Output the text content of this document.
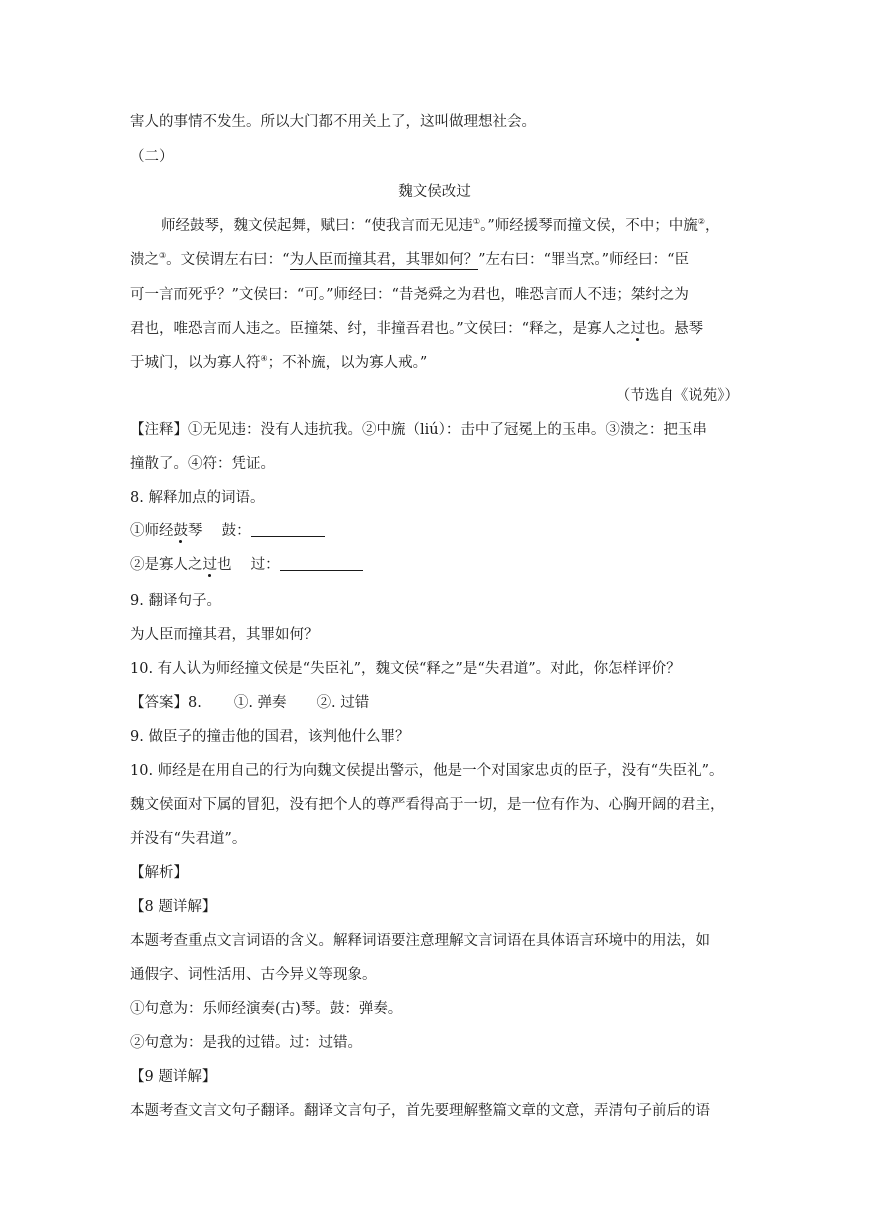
害人的事情不发生。所以大门都不用关上了，这叫做理想社会。
（二）
魏文侯改过
师经鼓琴，魏文侯起舞，赋曰：“使我言而无见违①。”师经援琴而撞文侯，不中；中旒②，
溃之③。文侯谓左右曰：“为人臣而撞其君，其罪如何？”左右曰：“罪当烹。”师经曰：“臣
可一言而死乎？”文侯曰：“可。”师经曰：“昔尧舜之为君也，唯恐言而人不违；桀纣之为
君也，唯恐言而人违之。臣撞桀、纣，非撞吾君也。”文侯曰：“释之，是寡人之过也。悬琴
于城门，以为寡人符④；不补旒，以为寡人戒。”
（节选自《说苑》）
【注释】①无见违：没有人违抗我。②中旒（liú）：击中了冠冕上的玉串。③溃之：把玉串
撞散了。④符：凭证。
8. 解释加点的词语。
①师经鼓琴　 鼓：
②是寡人之过也　 过：
9. 翻译句子。
为人臣而撞其君，其罪如何？
10. 有人认为师经撞文侯是“失臣礼”，魏文侯“释之”是“失君道”。对此，你怎样评价？
【答案】8. ①. 弹奏 ②. 过错
9. 做臣子的撞击他的国君，该判他什么罪？
10. 师经是在用自己的行为向魏文侯提出警示，他是一个对国家忠贞的臣子，没有“失臣礼”。
魏文侯面对下属的冒犯，没有把个人的尊严看得高于一切，是一位有作为、心胸开阔的君主，
并没有“失君道”。
【解析】
【8 题详解】
本题考查重点文言词语的含义。解释词语要注意理解文言词语在具体语言环境中的用法，如
通假字、词性活用、古今异义等现象。
①句意为：乐师经演奏(古)琴。鼓：弹奏。
②句意为：是我的过错。过：过错。
【9 题详解】
本题考查文言文句子翻译。翻译文言句子，首先要理解整篇文章的文意，弄清句子前后的语
